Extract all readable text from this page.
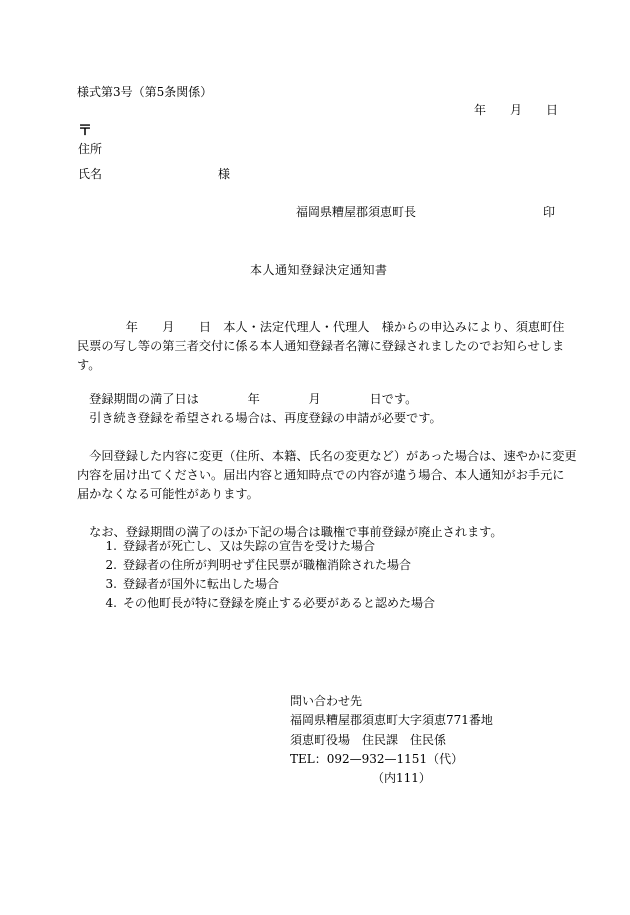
様式第3号（第5条関係）
年　　月　　日
〒
住所
氏名	様
福岡県糟屋郡須恵町長	印
本人通知登録決定通知書
　　　　年　　月　　日　本人・法定代理人・代理人　様からの申込みにより、須恵町住
民票の写し等の第三者交付に係る本人通知登録者名簿に登録されましたのでお知らせしま
す。
　登録期間の満了日は　　　　年　　　　月　　　　日です。
　引き続き登録を希望される場合は、再度登録の申請が必要です。
　今回登録した内容に変更（住所、本籍、氏名の変更など）があった場合は、速やかに変更
内容を届け出てください。届出内容と通知時点での内容が違う場合、本人通知がお手元に
届かなくなる可能性があります。
　なお、登録期間の満了のほか下記の場合は職権で事前登録が廃止されます。
1. 登録者が死亡し、又は失踪の宣告を受けた場合
2. 登録者の住所が判明せず住民票が職権消除された場合
3. 登録者が国外に転出した場合
4. その他町長が特に登録を廃止する必要があると認めた場合
問い合わせ先
福岡県糟屋郡須恵町大字須恵771番地
須恵町役場　住民課　住民係
TEL：092—932—1151（代）
（内111）
